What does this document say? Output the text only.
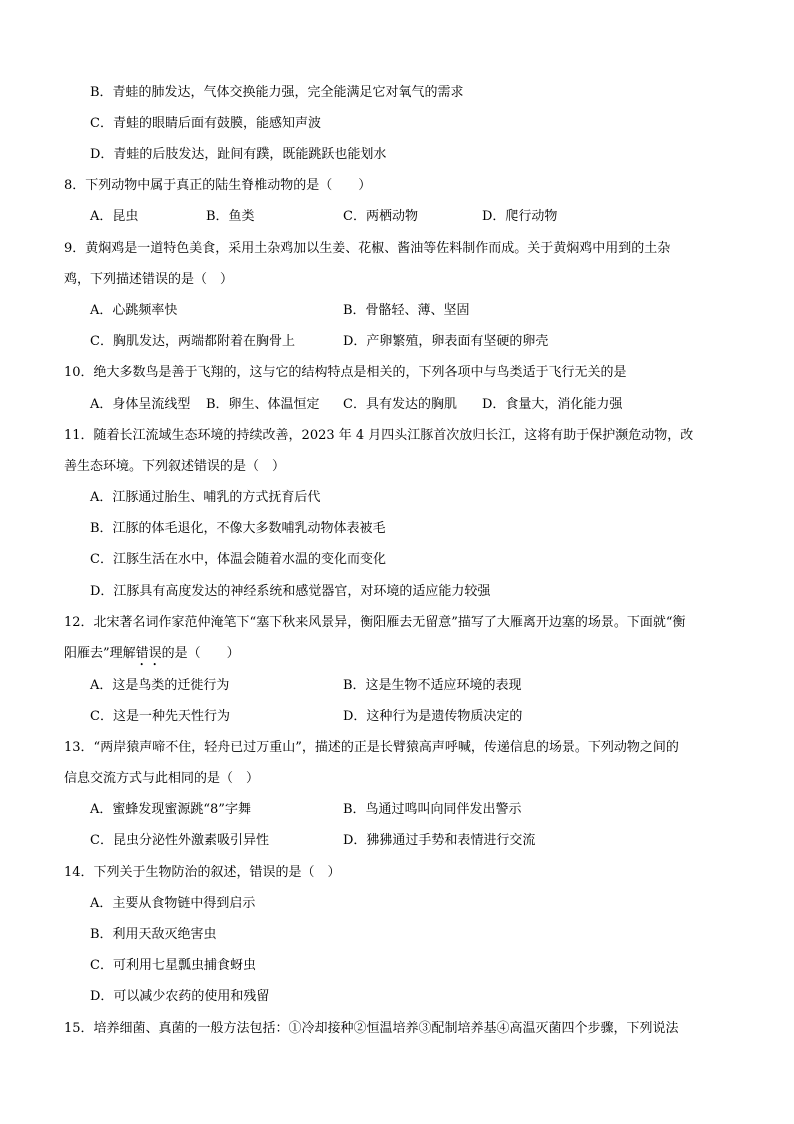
B．青蛙的肺发达，气体交换能力强，完全能满足它对氧气的需求
C．青蛙的眼睛后面有鼓膜，能感知声波
D．青蛙的后肢发达，趾间有蹼，既能跳跃也能划水
8．下列动物中属于真正的陆生脊椎动物的是（　　）
A．昆虫	B．鱼类	C．两栖动物	D．爬行动物
9．黄焖鸡是一道特色美食，采用土杂鸡加以生姜、花椒、酱油等佐料制作而成。关于黄焖鸡中用到的土杂
鸡，下列描述错误的是（　）
A．心跳频率快	B．骨骼轻、薄、坚固
C．胸肌发达，两端都附着在胸骨上	D．产卵繁殖，卵表面有坚硬的卵壳
10．绝大多数鸟是善于飞翔的，这与它的结构特点是相关的，下列各项中与鸟类适于飞行无关的是
A．身体呈流线型 B．卵生、体温恒定 C．具有发达的胸肌 D．食量大，消化能力强
11．随着长江流域生态环境的持续改善，2023 年 4 月四头江豚首次放归长江，这将有助于保护濒危动物，改
善生态环境。下列叙述错误的是（　）
A．江豚通过胎生、哺乳的方式抚育后代
B．江豚的体毛退化，不像大多数哺乳动物体表被毛
C．江豚生活在水中，体温会随着水温的变化而变化
D．江豚具有高度发达的神经系统和感觉器官，对环境的适应能力较强
12．北宋著名词作家范仲淹笔下“塞下秋来风景异，衡阳雁去无留意”描写了大雁离开边塞的场景。下面就“衡
阳雁去”理解错误的是（　　）
A．这是鸟类的迁徙行为	B．这是生物不适应环境的表现
C．这是一种先天性行为	D．这种行为是遗传物质决定的
13．“两岸猿声啼不住，轻舟已过万重山”，描述的正是长臂猿高声呼喊，传递信息的场景。下列动物之间的
信息交流方式与此相同的是（　）
A．蜜蜂发现蜜源跳“8”字舞	B．鸟通过鸣叫向同伴发出警示
C．昆虫分泌性外激素吸引异性	D．狒狒通过手势和表情进行交流
14．下列关于生物防治的叙述，错误的是（　）
A．主要从食物链中得到启示
B．利用天敌灭绝害虫
C．可利用七星瓢虫捕食蚜虫
D．可以减少农药的使用和残留
15．培养细菌、真菌的一般方法包括：①冷却接种②恒温培养③配制培养基④高温灭菌四个步骤，下列说法
